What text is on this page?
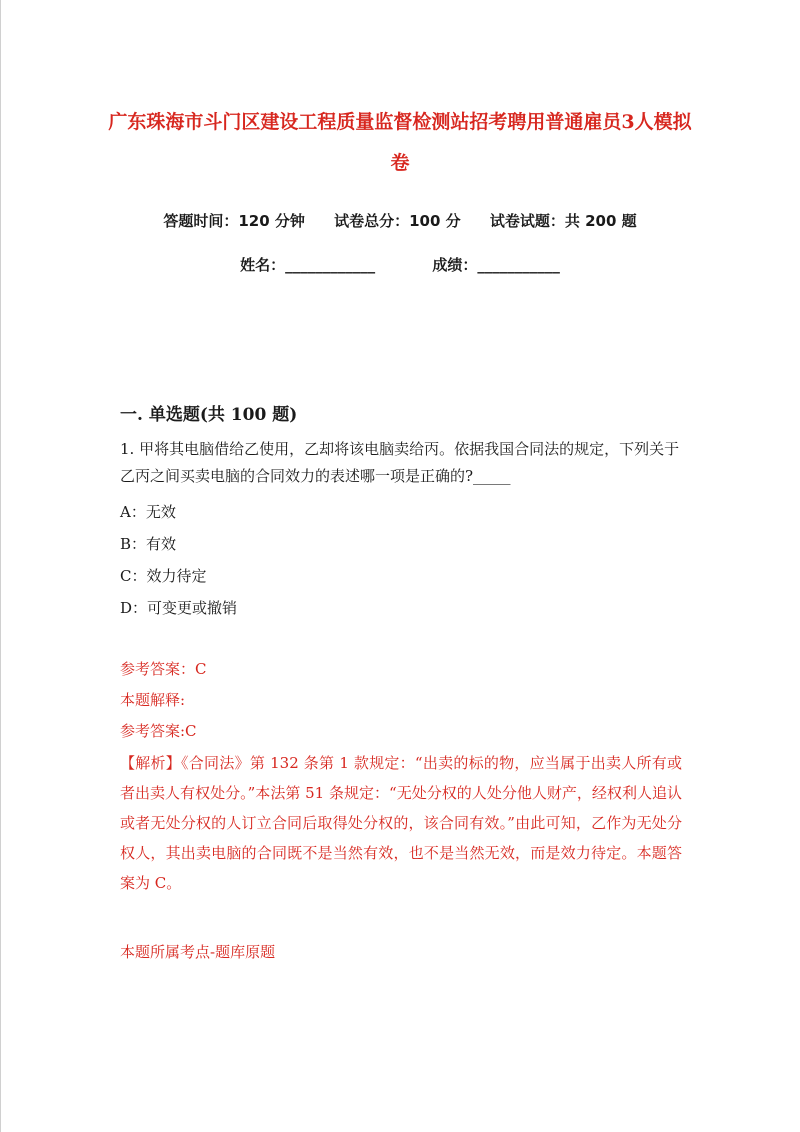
广东珠海市斗门区建设工程质量监督检测站招考聘用普通雇员3人模拟卷
答题时间：120 分钟 试卷总分：100 分 试卷试题：共 200 题
姓名：____________	成绩：___________
一. 单选题(共 100 题)
1. 甲将其电脑借给乙使用，乙却将该电脑卖给丙。依据我国合同法的规定，下列关于乙丙之间买卖电脑的合同效力的表述哪一项是正确的?_____
A：无效
B：有效
C：效力待定
D：可变更或撤销
参考答案：C
本题解释:
参考答案:C
【解析】《合同法》第 132 条第 1 款规定：“出卖的标的物，应当属于出卖人所有或者出卖人有权处分。”本法第 51 条规定：“无处分权的人处分他人财产，经权利人追认或者无处分权的人订立合同后取得处分权的，该合同有效。”由此可知，乙作为无处分权人，其出卖电脑的合同既不是当然有效，也不是当然无效，而是效力待定。本题答案为 C。
本题所属考点-题库原题
